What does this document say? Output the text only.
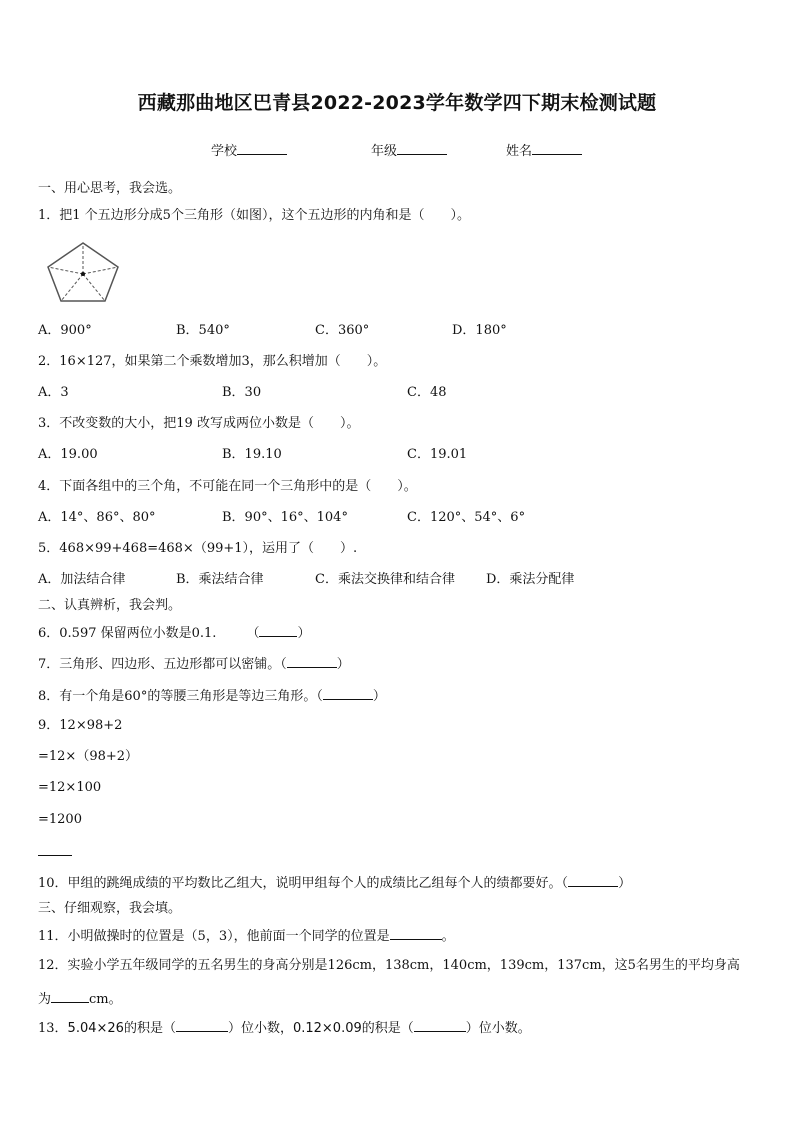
西藏那曲地区巴青县2022-2023学年数学四下期末检测试题
学校	年级	姓名
一、用心思考，我会选。
1．把1 个五边形分成5个三角形（如图），这个五边形的内角和是（　　）。
A．900°	B．540°	C．360°	D．180°
2．16×127，如果第二个乘数增加3，那么积增加（　　）。
A．3	B．30	C．48
3．不改变数的大小，把19 改写成两位小数是（　　）。
A．19.00	B．19.10	C．19.01
4．下面各组中的三个角，不可能在同一个三角形中的是（　　）。
A．14°、86°、80°	B．90°、16°、104°	C．120°、54°、6°
5．468×99+468=468×（99+1），运用了（　　）.
A．加法结合律	B．乘法结合律	C．乘法交换律和结合律 D．乘法分配律
二、认真辨析，我会判。
6．0.597 保留两位小数是0.1. （	）
7．三角形、四边形、五边形都可以密铺。（	）
8．有一个角是60°的等腰三角形是等边三角形。（	）
9．12×98+2
=12×（98+2）
=12×100
=1200
10．甲组的跳绳成绩的平均数比乙组大，说明甲组每个人的成绩比乙组每个人的绩都要好。（	）
三、仔细观察，我会填。
11．小明做操时的位置是（5，3），他前面一个同学的位置是	。
12．实验小学五年级同学的五名男生的身高分别是126cm，138cm，140cm，139cm，137cm，这5名男生的平均身高
为	cm。
13．5.04×26的积是（	）位小数，0.12×0.09的积是（	）位小数。
